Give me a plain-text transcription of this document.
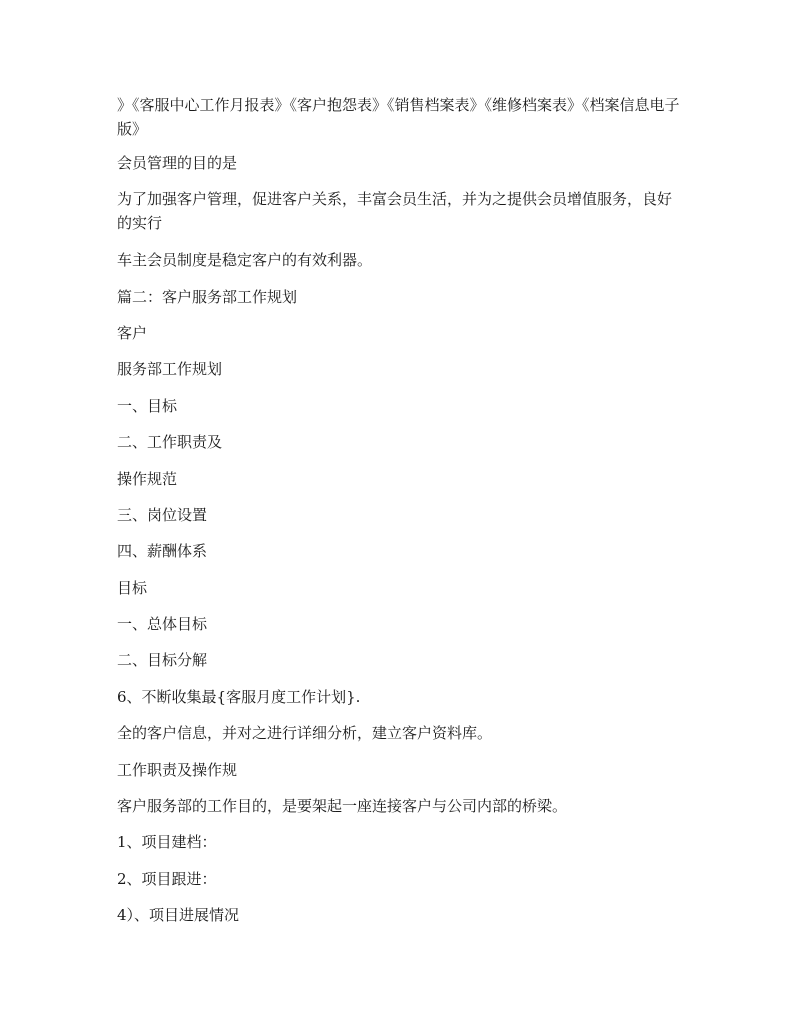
》《客服中心工作月报表》《客户抱怨表》《销售档案表》《维修档案表》《档案信息电子版》

会员管理的目的是

为了加强客户管理，促进客户关系，丰富会员生活，并为之提供会员增值服务，良好的实行

车主会员制度是稳定客户的有效利器。

篇二：客户服务部工作规划

客户

服务部工作规划

一、目标

二、工作职责及

操作规范

三、岗位设置

四、薪酬体系

目标

一、总体目标

二、目标分解

6、不断收集最{客服月度工作计划}.

全的客户信息，并对之进行详细分析，建立客户资料库。

工作职责及操作规

客户服务部的工作目的，是要架起一座连接客户与公司内部的桥梁。

1、项目建档：

2、项目跟进：

4）、项目进展情况
